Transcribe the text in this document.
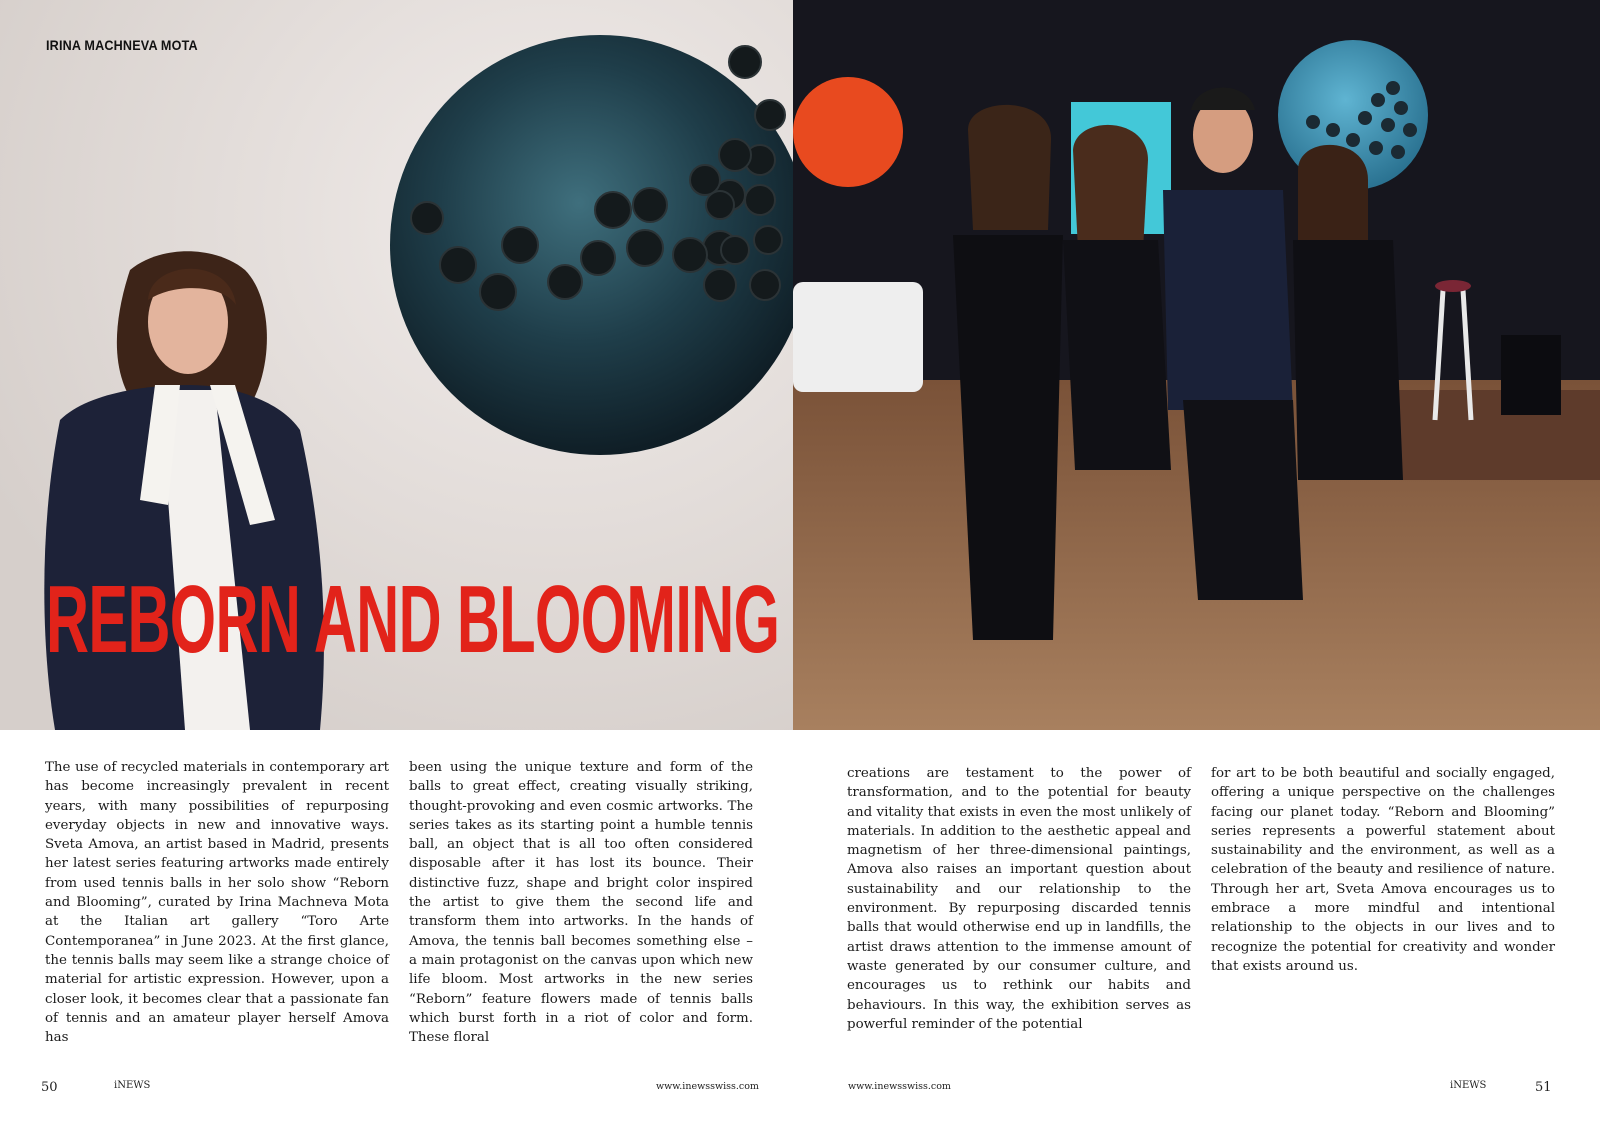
IRINA MACHNEVA MOTA
REBORN AND BLOOMING
The use of recycled materials in contemporary art has become increasingly prevalent in recent years, with many possibilities of repurposing everyday objects in new and innovative ways. Sveta Amova, an artist based in Madrid, presents her latest series featuring artworks made entirely from used tennis balls in her solo show “Reborn and Blooming”, curated by Irina Machneva Mota at the Italian art gallery “Toro Arte Contemporanea” in June 2023. At the first glance, the tennis balls may seem like a strange choice of material for artistic expression. However, upon a closer look, it becomes clear that a passionate fan of tennis and an amateur player herself Amova has
been using the unique texture and form of the balls to great effect, creating visually striking, thought-provoking and even cosmic artworks. The series takes as its starting point a humble tennis ball, an object that is all too often considered disposable after it has lost its bounce. Their distinctive fuzz, shape and bright color inspired the artist to give them the second life and transform them into artworks. In the hands of Amova, the tennis ball becomes something else – a main protagonist on the canvas upon which new life bloom. Most artworks in the new series “Reborn” feature flowers made of tennis balls which burst forth in a riot of color and form. These floral
creations are testament to the power of transformation, and to the potential for beauty and vitality that exists in even the most unlikely of materials. In addition to the aesthetic appeal and magnetism of her three-dimensional paintings, Amova also raises an important question about sustainability and our relationship to the environment. By repurposing discarded tennis balls that would otherwise end up in landfills, the artist draws attention to the immense amount of waste generated by our consumer culture, and encourages us to rethink our habits and behaviours. In this way, the exhibition serves as powerful reminder of the potential
for art to be both beautiful and socially engaged, offering a unique perspective on the challenges facing our planet today. “Reborn and Blooming” series represents a powerful statement about sustainability and the environment, as well as a celebration of the beauty and resilience of nature. Through her art, Sveta Amova encourages us to embrace a more mindful and intentional relationship to the objects in our lives and to recognize the potential for creativity and wonder that exists around us.
50	iNEWS	www.inewsswiss.com	www.inewsswiss.com	iNEWS	51
